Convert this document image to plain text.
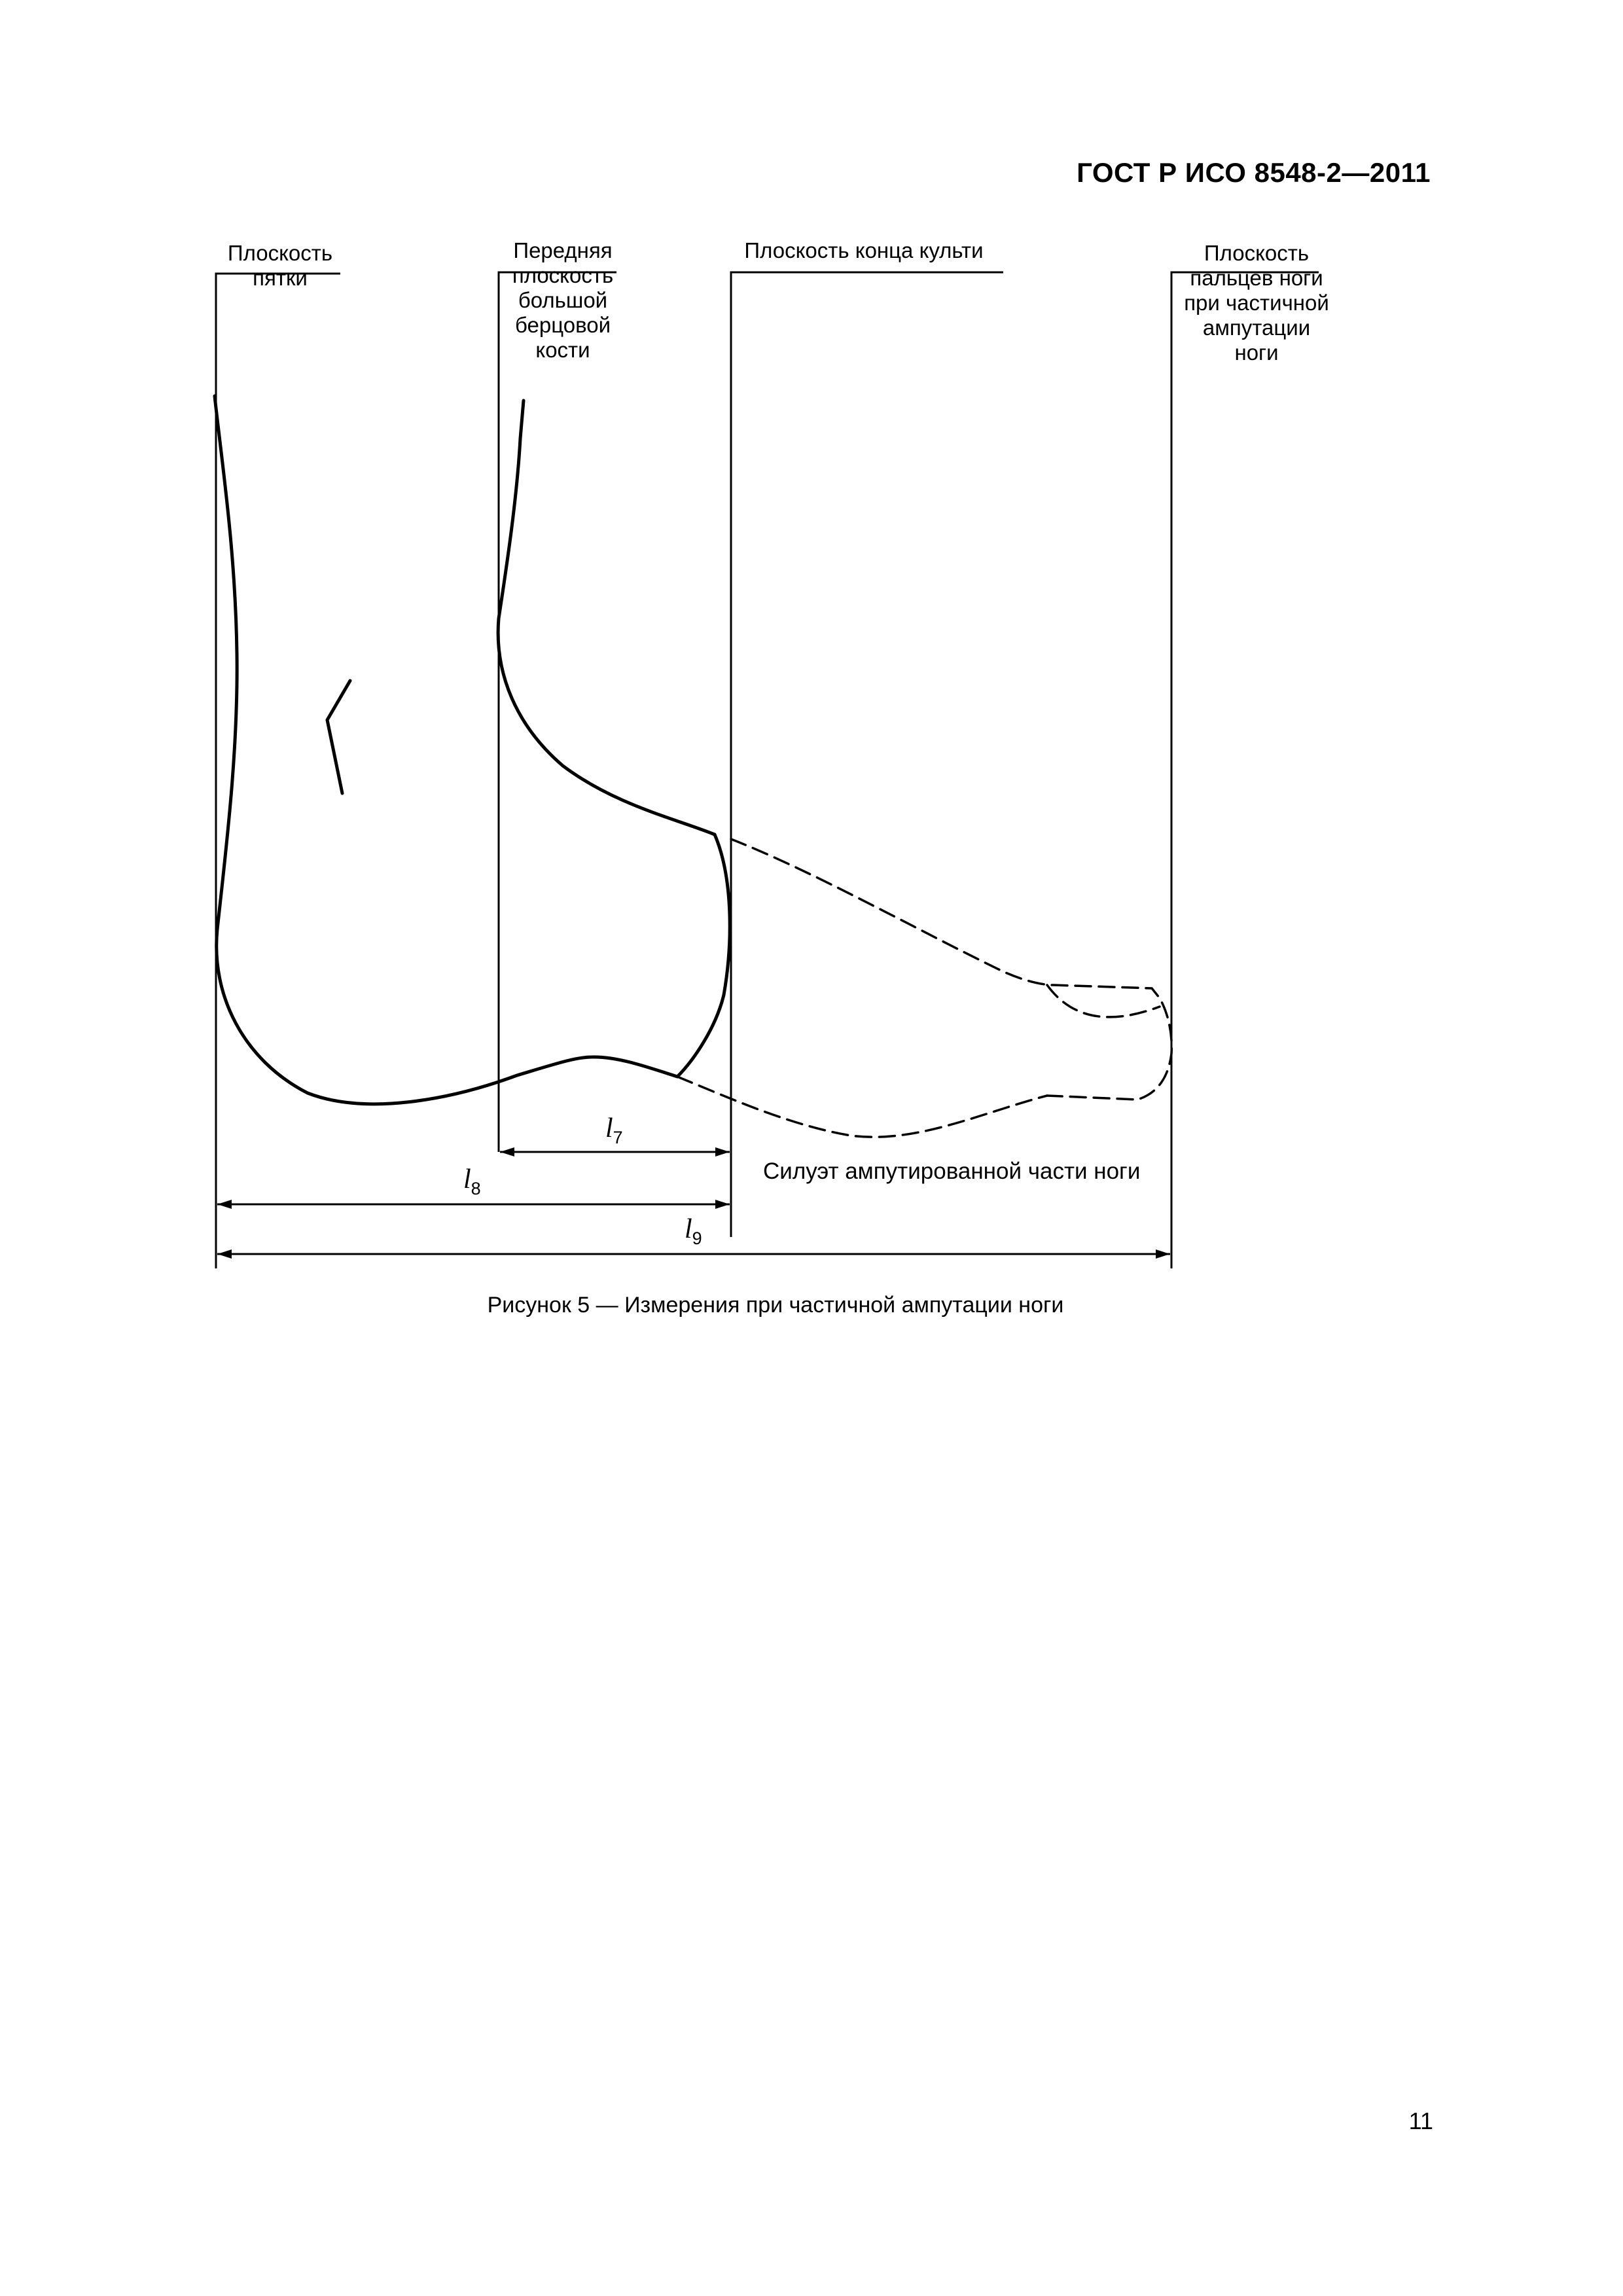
ГОСТ Р ИСО 8548-2—2011
Плоскость
пятки
Передняя
плоскость
большой
берцовой
кости
Плоскость конца культи	Плоскость
пальцев ноги
при частичной
ампутации
ноги
$l_7$
$l_8$
$l_9$
Силуэт ампутированной части ноги
Рисунок 5 — Измерения при частичной ампутации ноги
11
